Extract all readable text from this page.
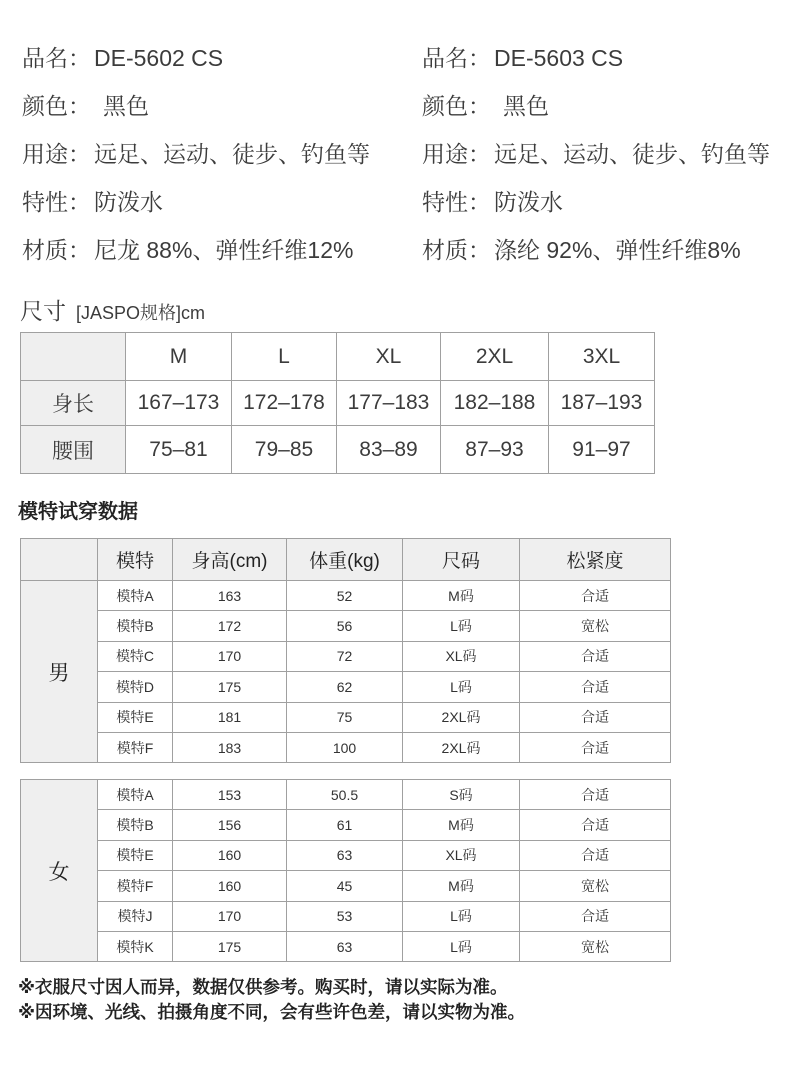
品名： DE-5602 CS
颜色： 黑色
用途： 远足、运动、徒步、钓鱼等
特性： 防泼水
材质： 尼龙 88%、弹性纤维12%
品名： DE-5603 CS
颜色： 黑色
用途： 远足、运动、徒步、钓鱼等
特性： 防泼水
材质： 涤纶 92%、弹性纤维8%
尺寸 [JASPO规格]cm
	M	L	XL	2XL	3XL
身长	167–173	172–178	177–183	182–188	187–193
腰围	75–81	79–85	83–89	87–93	91–97
模特试穿数据
	模特	身高(cm)	体重(kg)	尺码	松紧度
男	模特A	163	52	M码	合适
	模特B	172	56	L码	宽松
	模特C	170	72	XL码	合适
	模特D	175	62	L码	合适
	模特E	181	75	2XL码	合适
	模特F	183	100	2XL码	合适
女	模特A	153	50.5	S码	合适
	模特B	156	61	M码	合适
	模特E	160	63	XL码	合适
	模特F	160	45	M码	宽松
	模特J	170	53	L码	合适
	模特K	175	63	L码	宽松
※衣服尺寸因人而异，数据仅供参考。购买时，请以实际为准。
※因环境、光线、拍摄角度不同，会有些许色差，请以实物为准。
